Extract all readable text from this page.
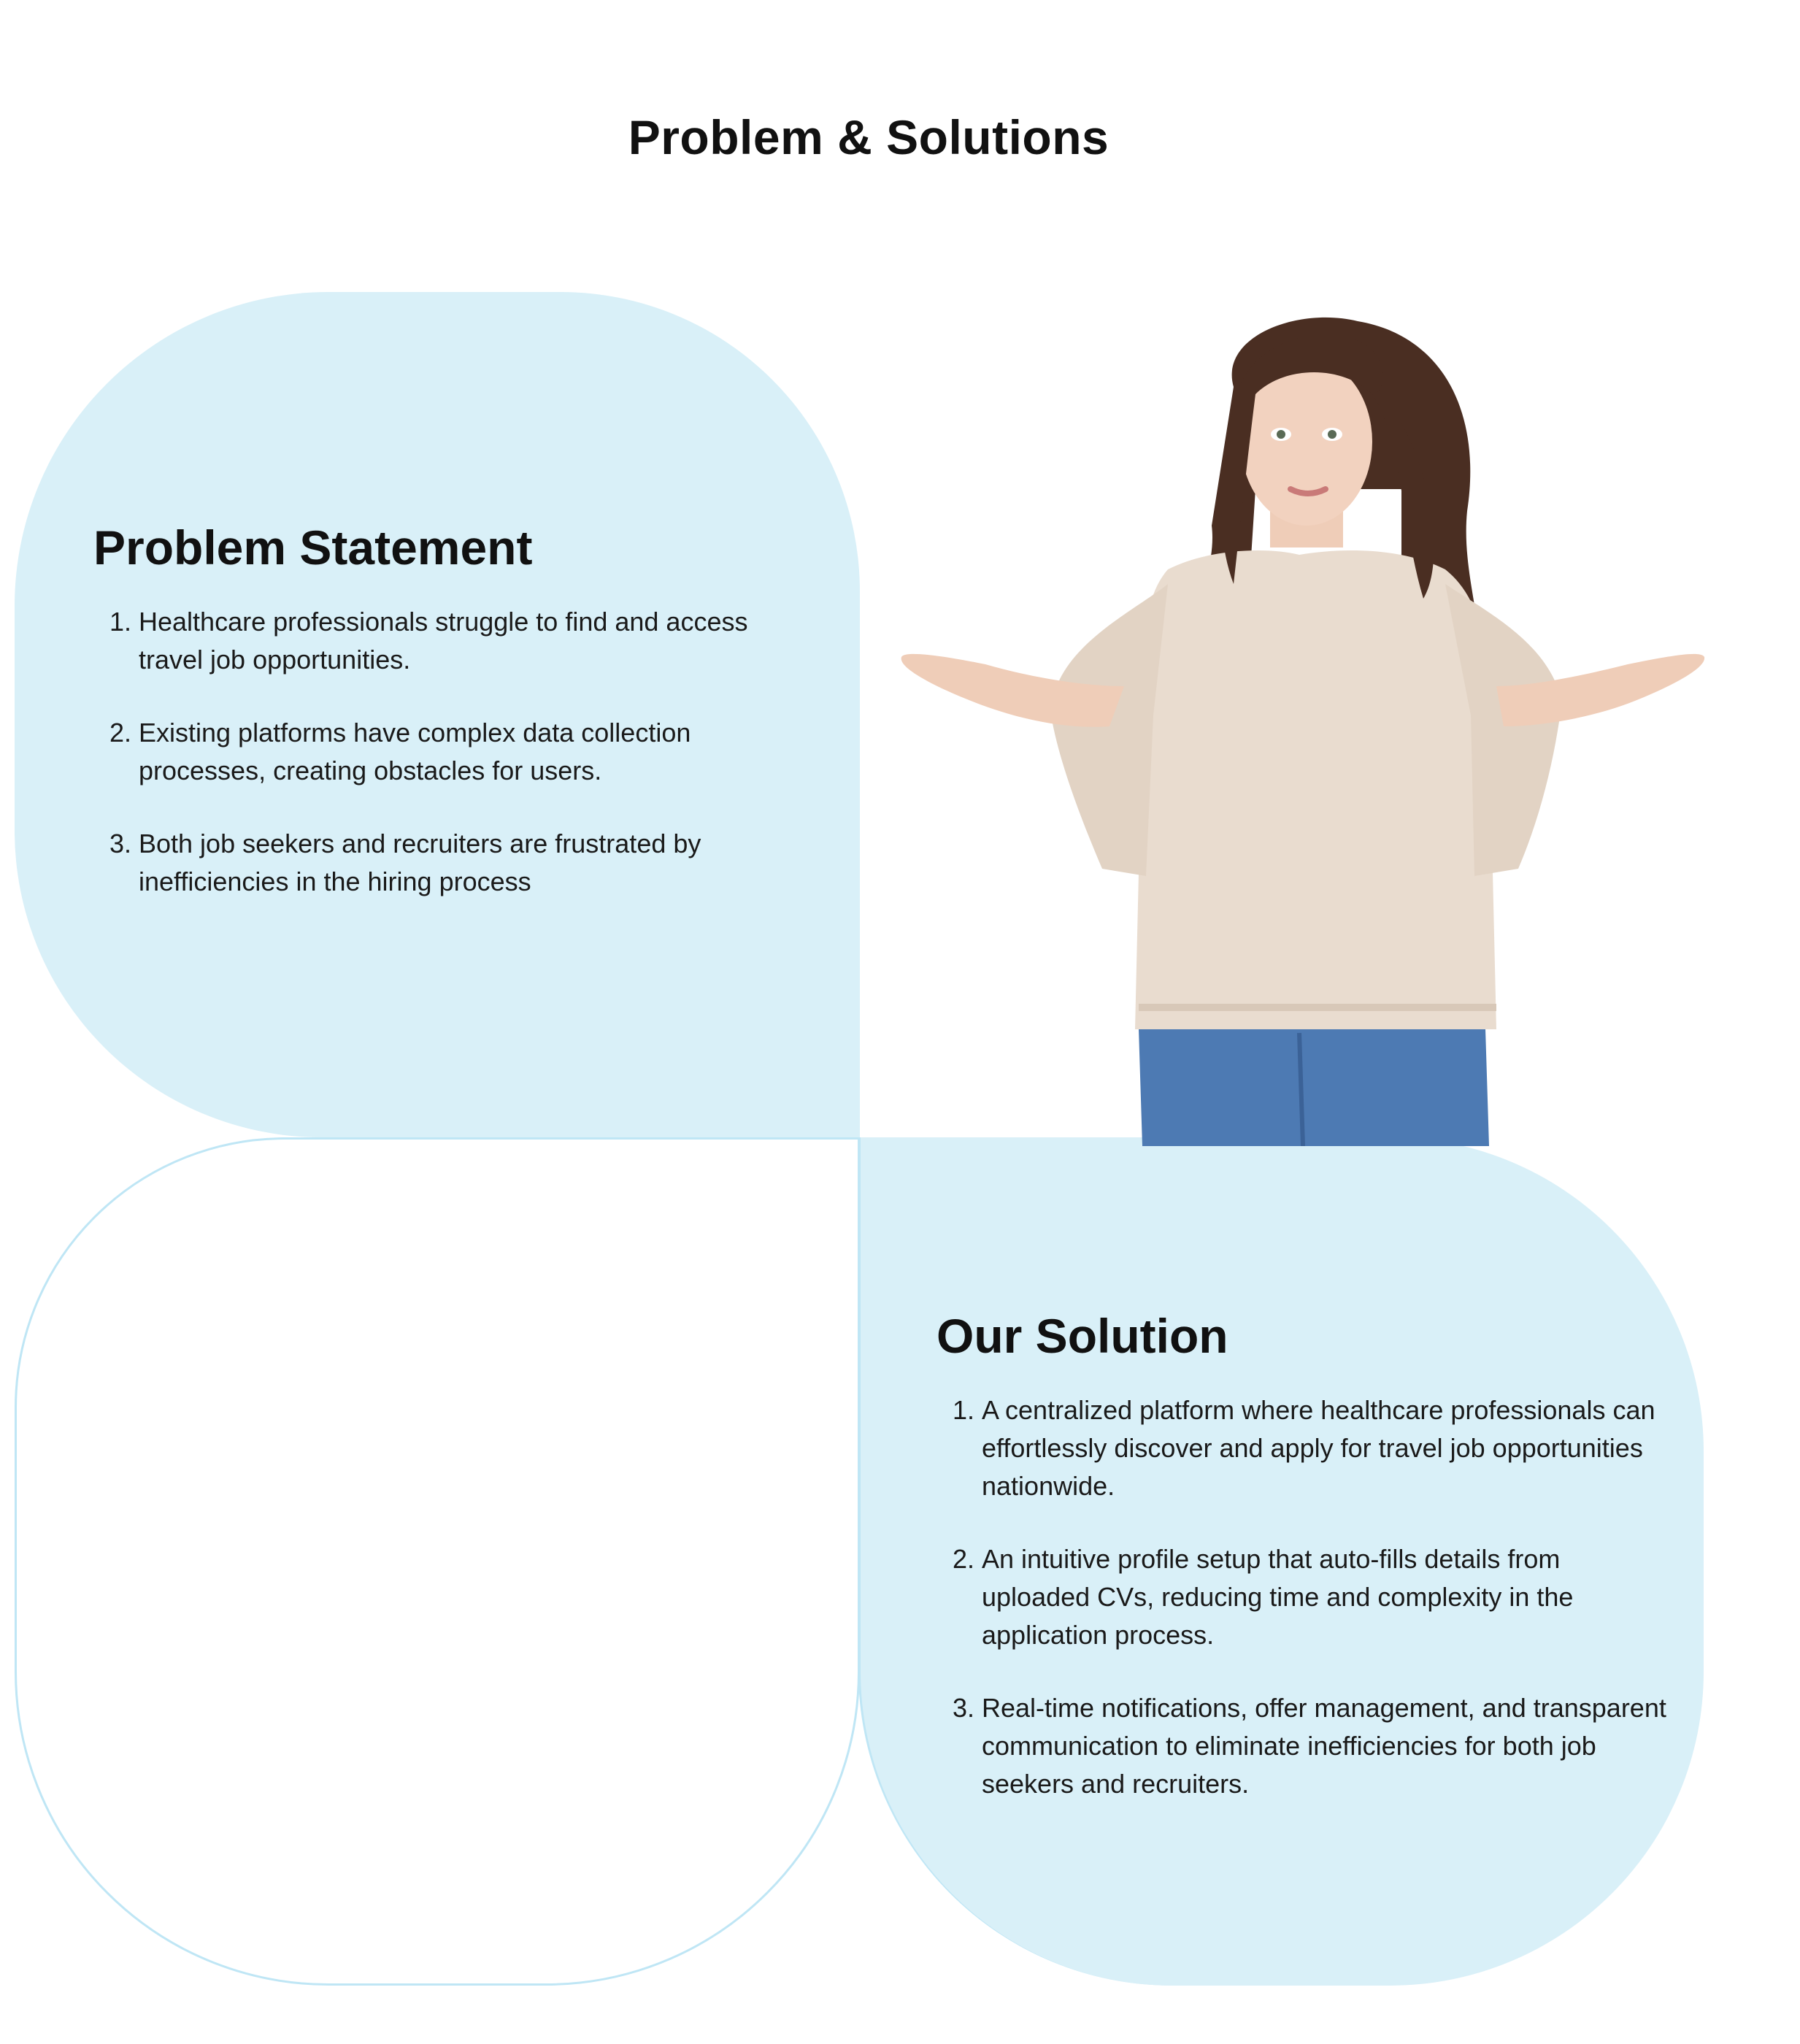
Problem & Solutions
Problem Statement
1. Healthcare professionals struggle to find and access travel job opportunities.
2. Existing platforms have complex data collection processes, creating obstacles for users.
3. Both job seekers and recruiters are frustrated by inefficiencies in the hiring process
Our Solution
1. A centralized platform where healthcare professionals can effortlessly discover and apply for travel job opportunities nationwide.
2. An intuitive profile setup that auto-fills details from uploaded CVs, reducing time and complexity in the application process.
3. Real-time notifications, offer management, and transparent communication to eliminate inefficiencies for both job seekers and recruiters.
